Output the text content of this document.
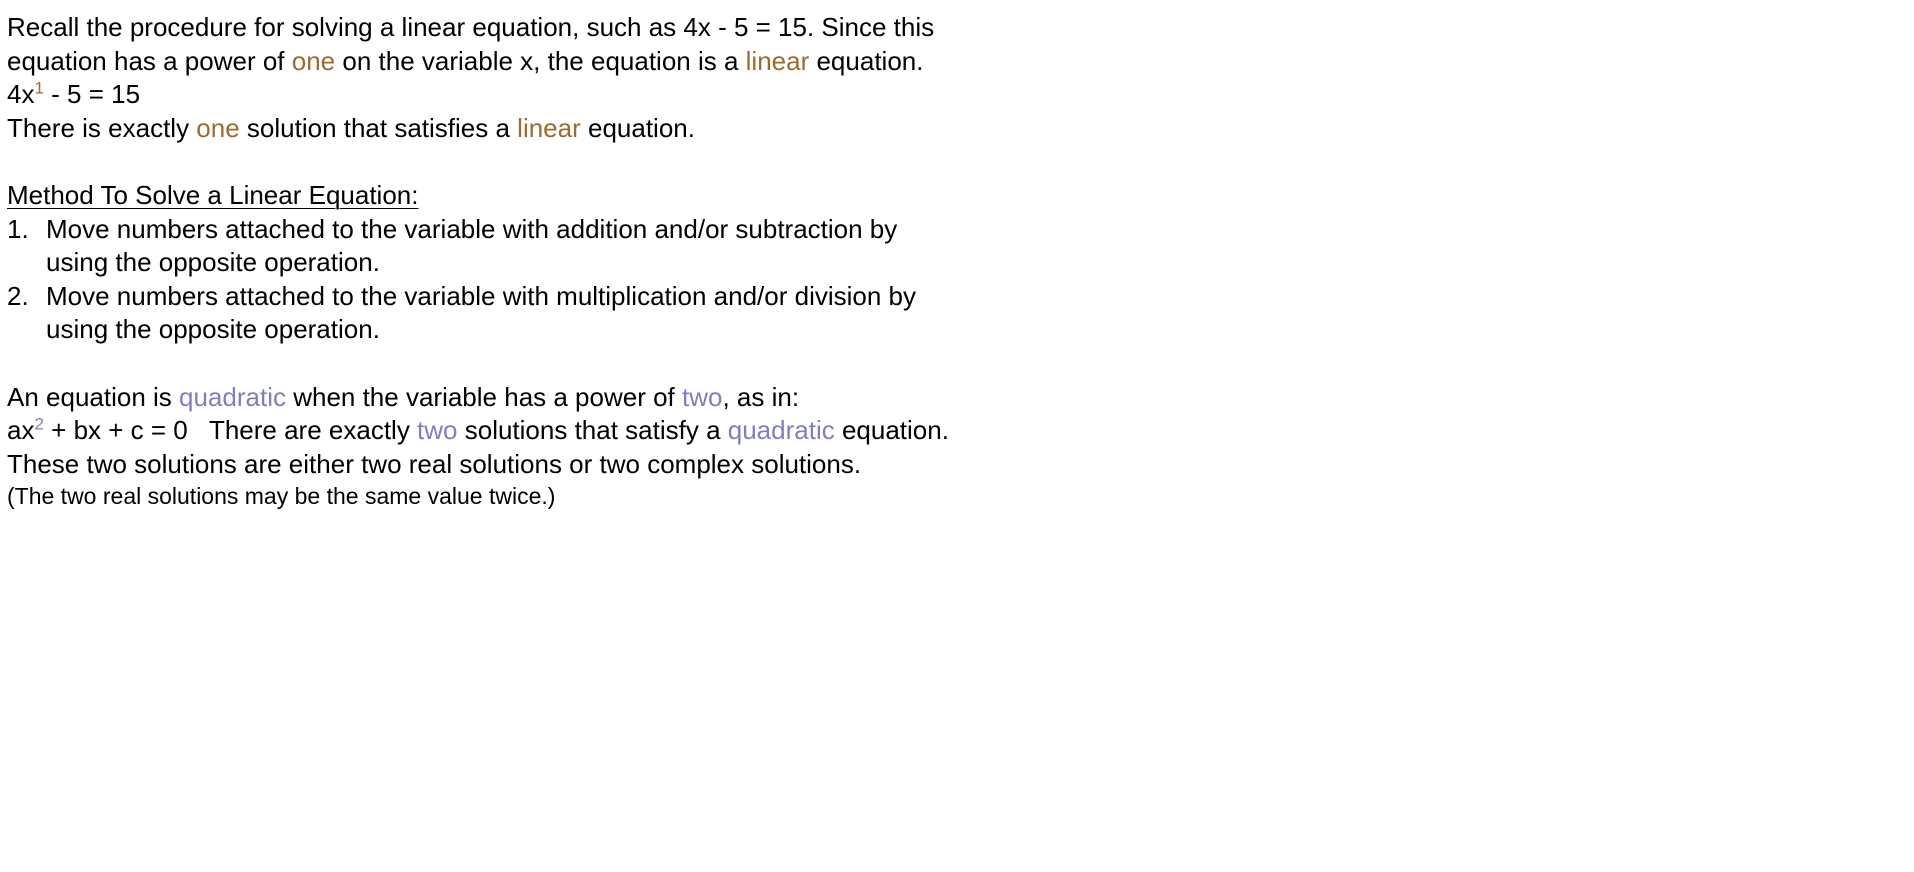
Recall the procedure for solving a linear equation, such as 4x - 5 = 15. Since this
equation has a power of one on the variable x, the equation is a linear equation.
$4x^1 - 5 = 15$
There is exactly one solution that satisfies a linear equation.
Method To Solve a Linear Equation:
1. Move numbers attached to the variable with addition and/or subtraction by
using the opposite operation.
2. Move numbers attached to the variable with multiplication and/or division by
using the opposite operation.
An equation is quadratic when the variable has a power of two, as in:
$ax^2$ + bx + c = 0   There are exactly two solutions that satisfy a quadratic equation.
These two solutions are either two real solutions or two complex solutions.
(The two real solutions may be the same value twice.)
